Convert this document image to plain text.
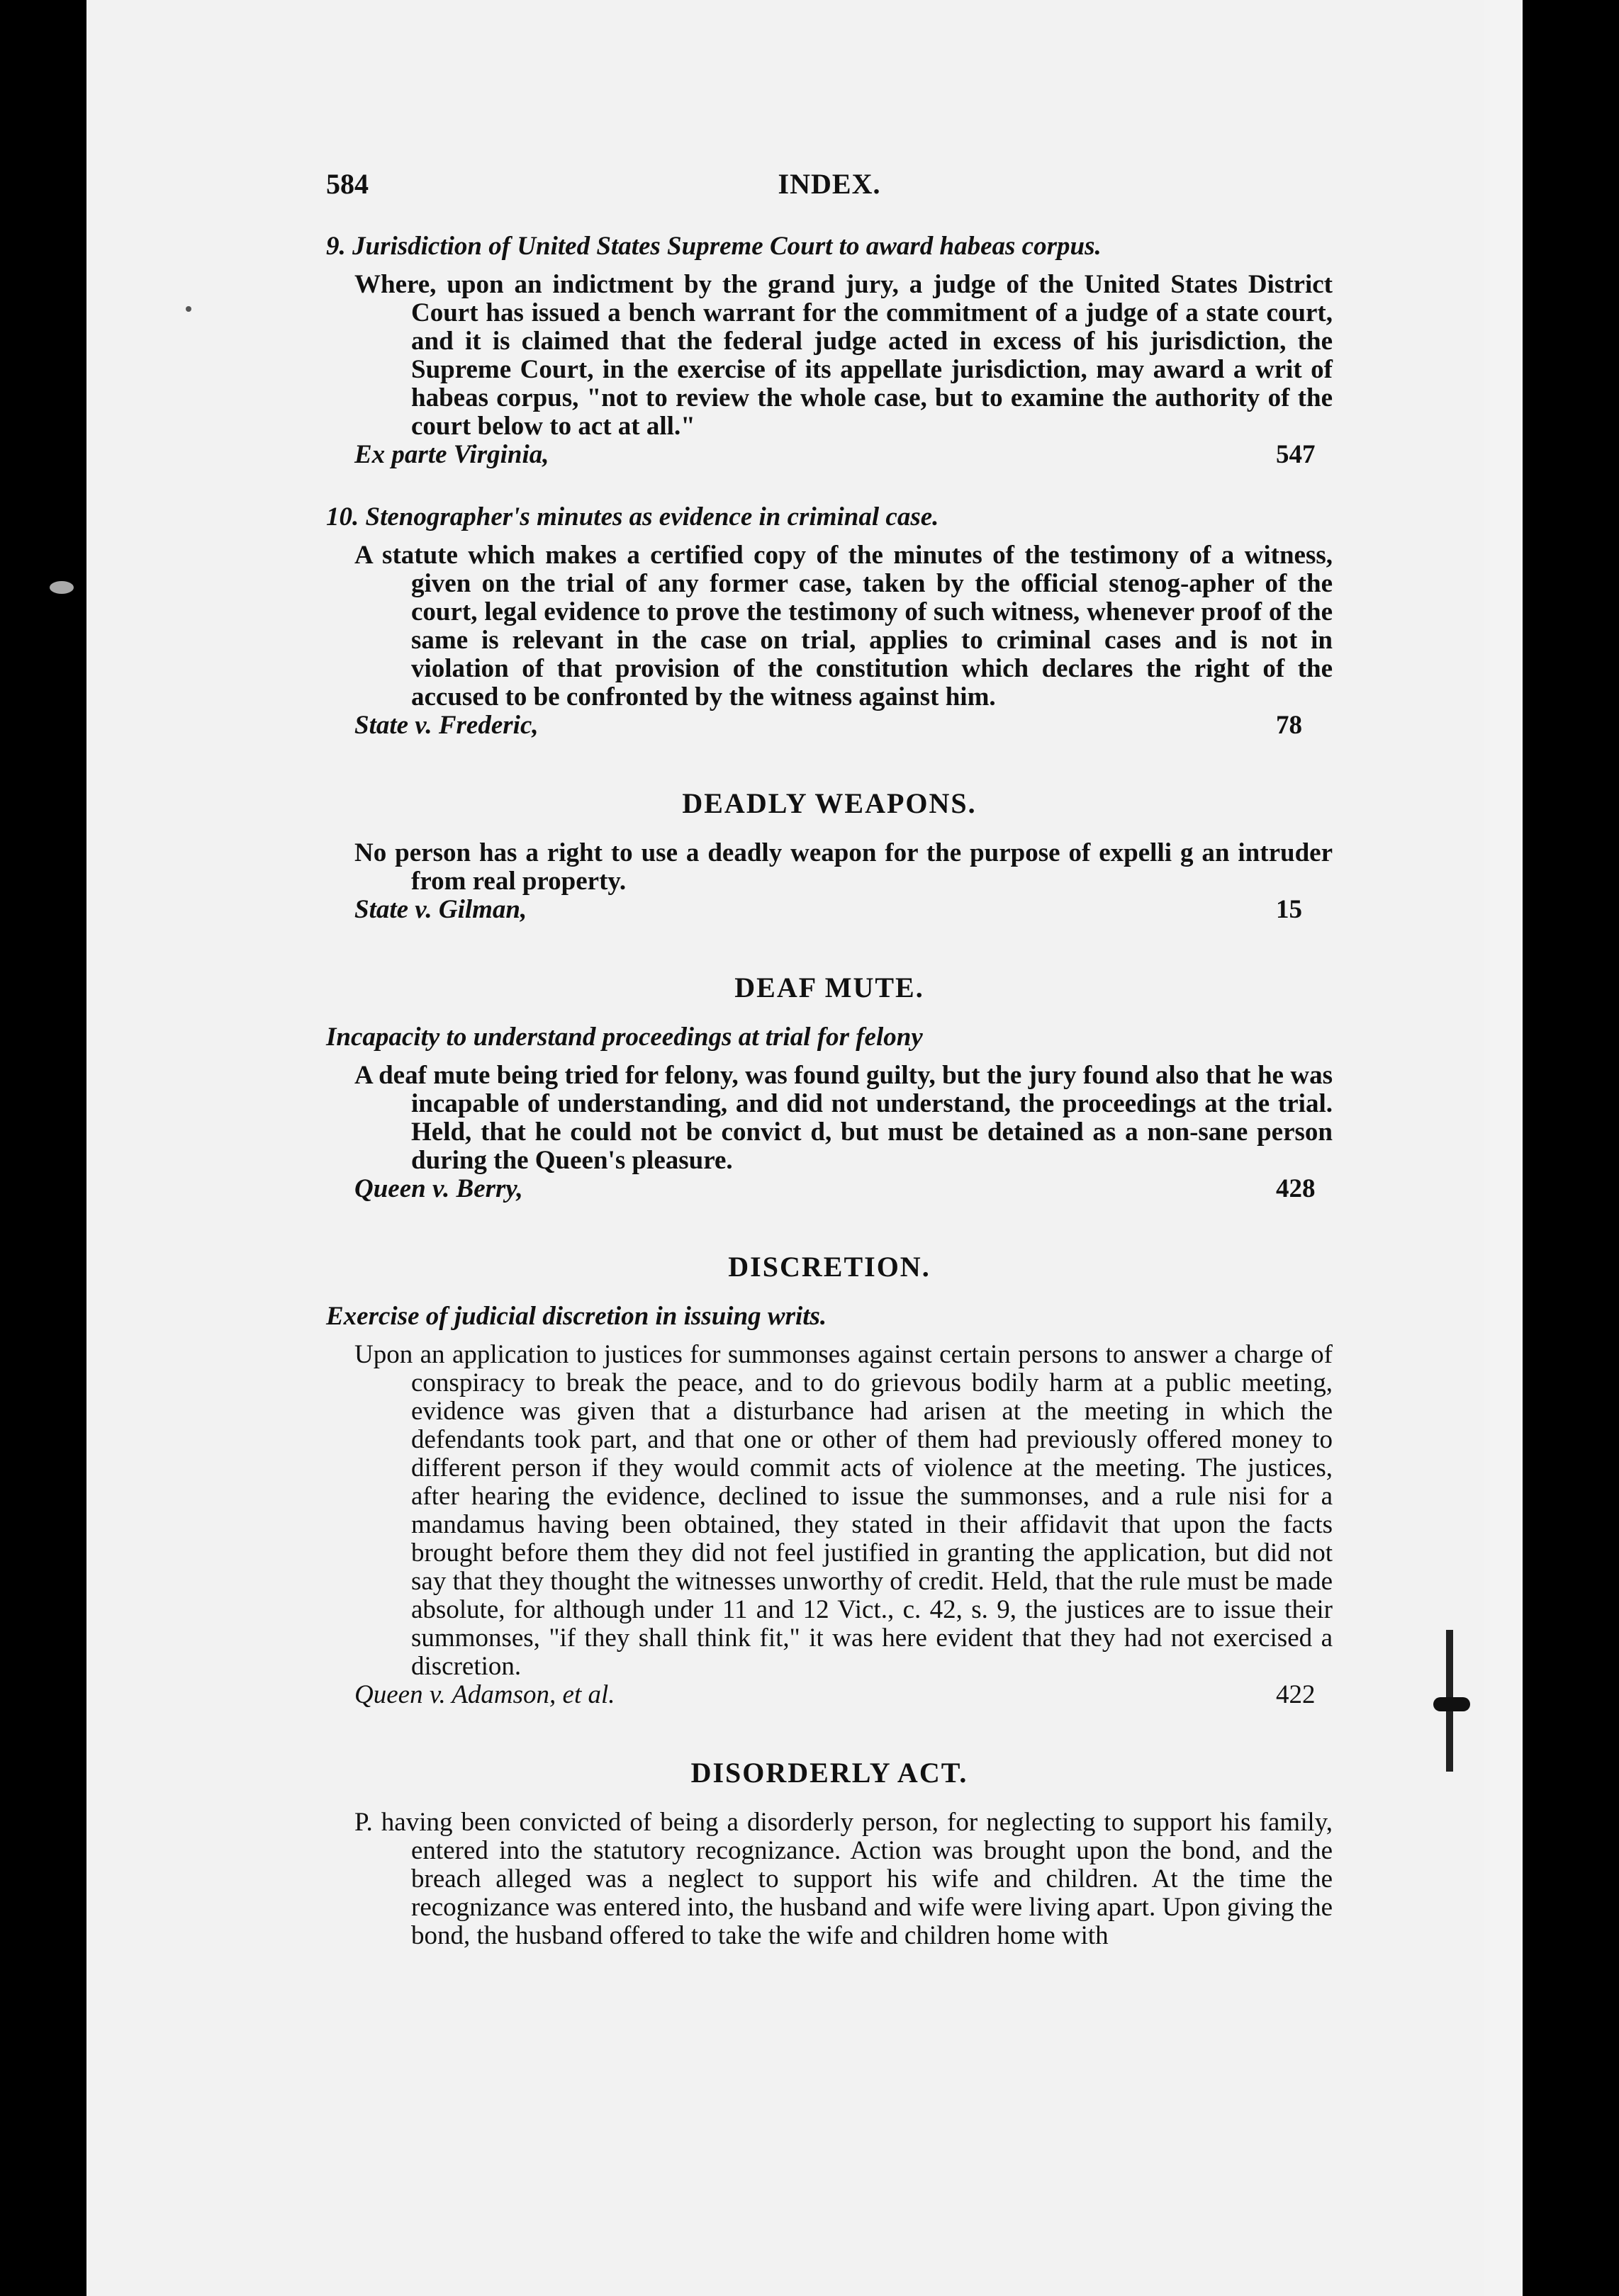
584	INDEX.
9. Jurisdiction of United States Supreme Court to award habeas corpus.
Where, upon an indictment by the grand jury, a judge of the United States District Court has issued a bench warrant for the commitment of a judge of a state court, and it is claimed that the federal judge acted in excess of his jurisdiction, the Supreme Court, in the exercise of its appellate jurisdiction, may award a writ of habeas corpus, "not to review the whole case, but to examine the authority of the court below to act at all."
Ex parte Virginia,	547
10. Stenographer's minutes as evidence in criminal case.
A statute which makes a certified copy of the minutes of the testimony of a witness, given on the trial of any former case, taken by the official stenog-apher of the court, legal evidence to prove the testimony of such witness, whenever proof of the same is relevant in the case on trial, applies to criminal cases and is not in violation of that provision of the constitution which declares the right of the accused to be confronted by the witness against him.
State v. Frederic,	78
DEADLY WEAPONS.
No person has a right to use a deadly weapon for the purpose of expelli g an intruder from real property.
State v. Gilman,	15
DEAF MUTE.
Incapacity to understand proceedings at trial for felony
A deaf mute being tried for felony, was found guilty, but the jury found also that he was incapable of understanding, and did not understand, the proceedings at the trial. Held, that he could not be convict d, but must be detained as a non-sane person during the Queen's pleasure.
Queen v. Berry,	428
DISCRETION.
Exercise of judicial discretion in issuing writs.
Upon an application to justices for summonses against certain persons to answer a charge of conspiracy to break the peace, and to do grievous bodily harm at a public meeting, evidence was given that a disturbance had arisen at the meeting in which the defendants took part, and that one or other of them had previously offered money to different person if they would commit acts of violence at the meeting. The justices, after hearing the evidence, declined to issue the summonses, and a rule nisi for a mandamus having been obtained, they stated in their affidavit that upon the facts brought before them they did not feel justified in granting the application, but did not say that they thought the witnesses unworthy of credit. Held, that the rule must be made absolute, for although under 11 and 12 Vict., c. 42, s. 9, the justices are to issue their summonses, "if they shall think fit," it was here evident that they had not exercised a discretion.
Queen v. Adamson, et al.	422
DISORDERLY ACT.
P. having been convicted of being a disorderly person, for neglecting to support his family, entered into the statutory recognizance. Action was brought upon the bond, and the breach alleged was a neglect to support his wife and children. At the time the recognizance was entered into, the husband and wife were living apart. Upon giving the bond, the husband offered to take the wife and children home with
